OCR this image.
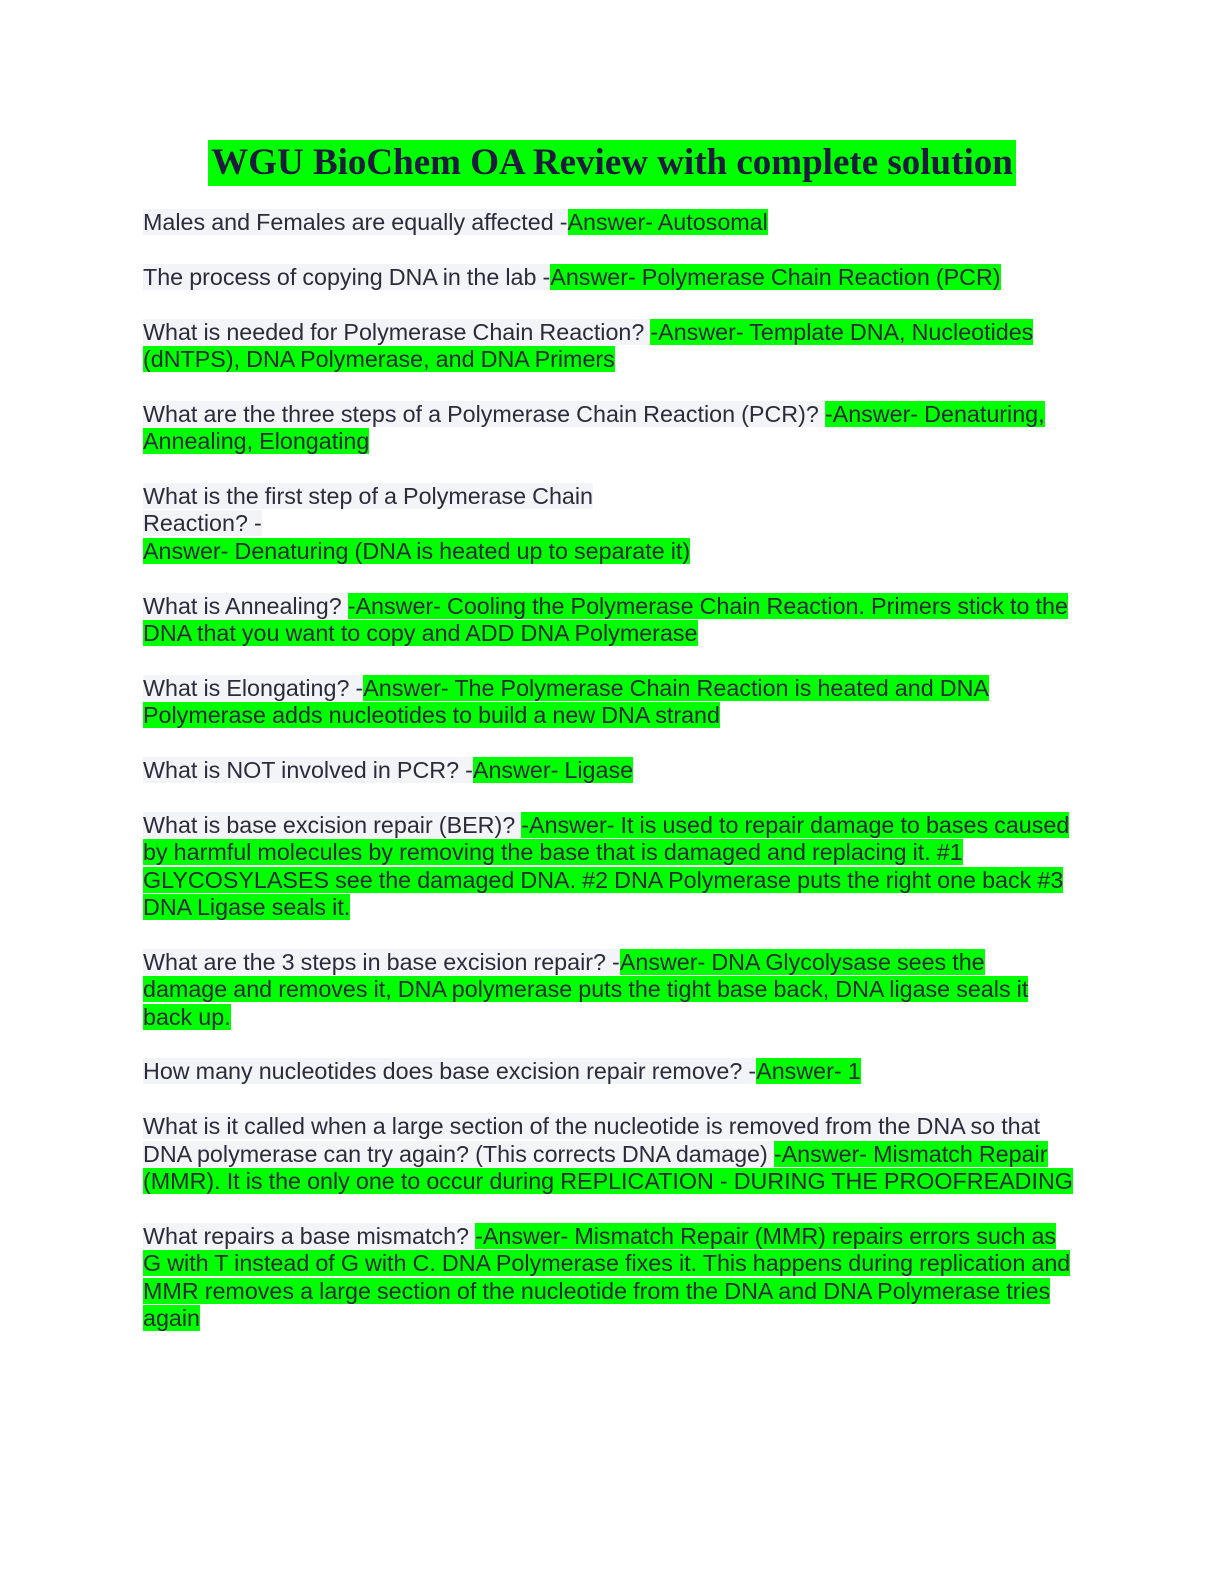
WGU BioChem OA Review with complete solution

Males and Females are equally affected -Answer- Autosomal

The process of copying DNA in the lab -Answer- Polymerase Chain Reaction (PCR)

What is needed for Polymerase Chain Reaction? -Answer- Template DNA, Nucleotides (dNTPS), DNA Polymerase, and DNA Primers

What are the three steps of a Polymerase Chain Reaction (PCR)? -Answer- Denaturing, Annealing, Elongating

What is the first step of a Polymerase Chain Reaction? -Answer- Denaturing (DNA is heated up to separate it)

What is Annealing? -Answer- Cooling the Polymerase Chain Reaction. Primers stick to the DNA that you want to copy and ADD DNA Polymerase

What is Elongating? -Answer- The Polymerase Chain Reaction is heated and DNA Polymerase adds nucleotides to build a new DNA strand

What is NOT involved in PCR? -Answer- Ligase

What is base excision repair (BER)? -Answer- It is used to repair damage to bases caused by harmful molecules by removing the base that is damaged and replacing it. #1 GLYCOSYLASES see the damaged DNA. #2 DNA Polymerase puts the right one back #3 DNA Ligase seals it.

What are the 3 steps in base excision repair? -Answer- DNA Glycolysase sees the damage and removes it, DNA polymerase puts the tight base back, DNA ligase seals it back up.

How many nucleotides does base excision repair remove? -Answer- 1

What is it called when a large section of the nucleotide is removed from the DNA so that DNA polymerase can try again? (This corrects DNA damage) -Answer- Mismatch Repair (MMR). It is the only one to occur during REPLICATION - DURING THE PROOFREADING

What repairs a base mismatch? -Answer- Mismatch Repair (MMR) repairs errors such as G with T instead of G with C. DNA Polymerase fixes it. This happens during replication and MMR removes a large section of the nucleotide from the DNA and DNA Polymerase tries again
